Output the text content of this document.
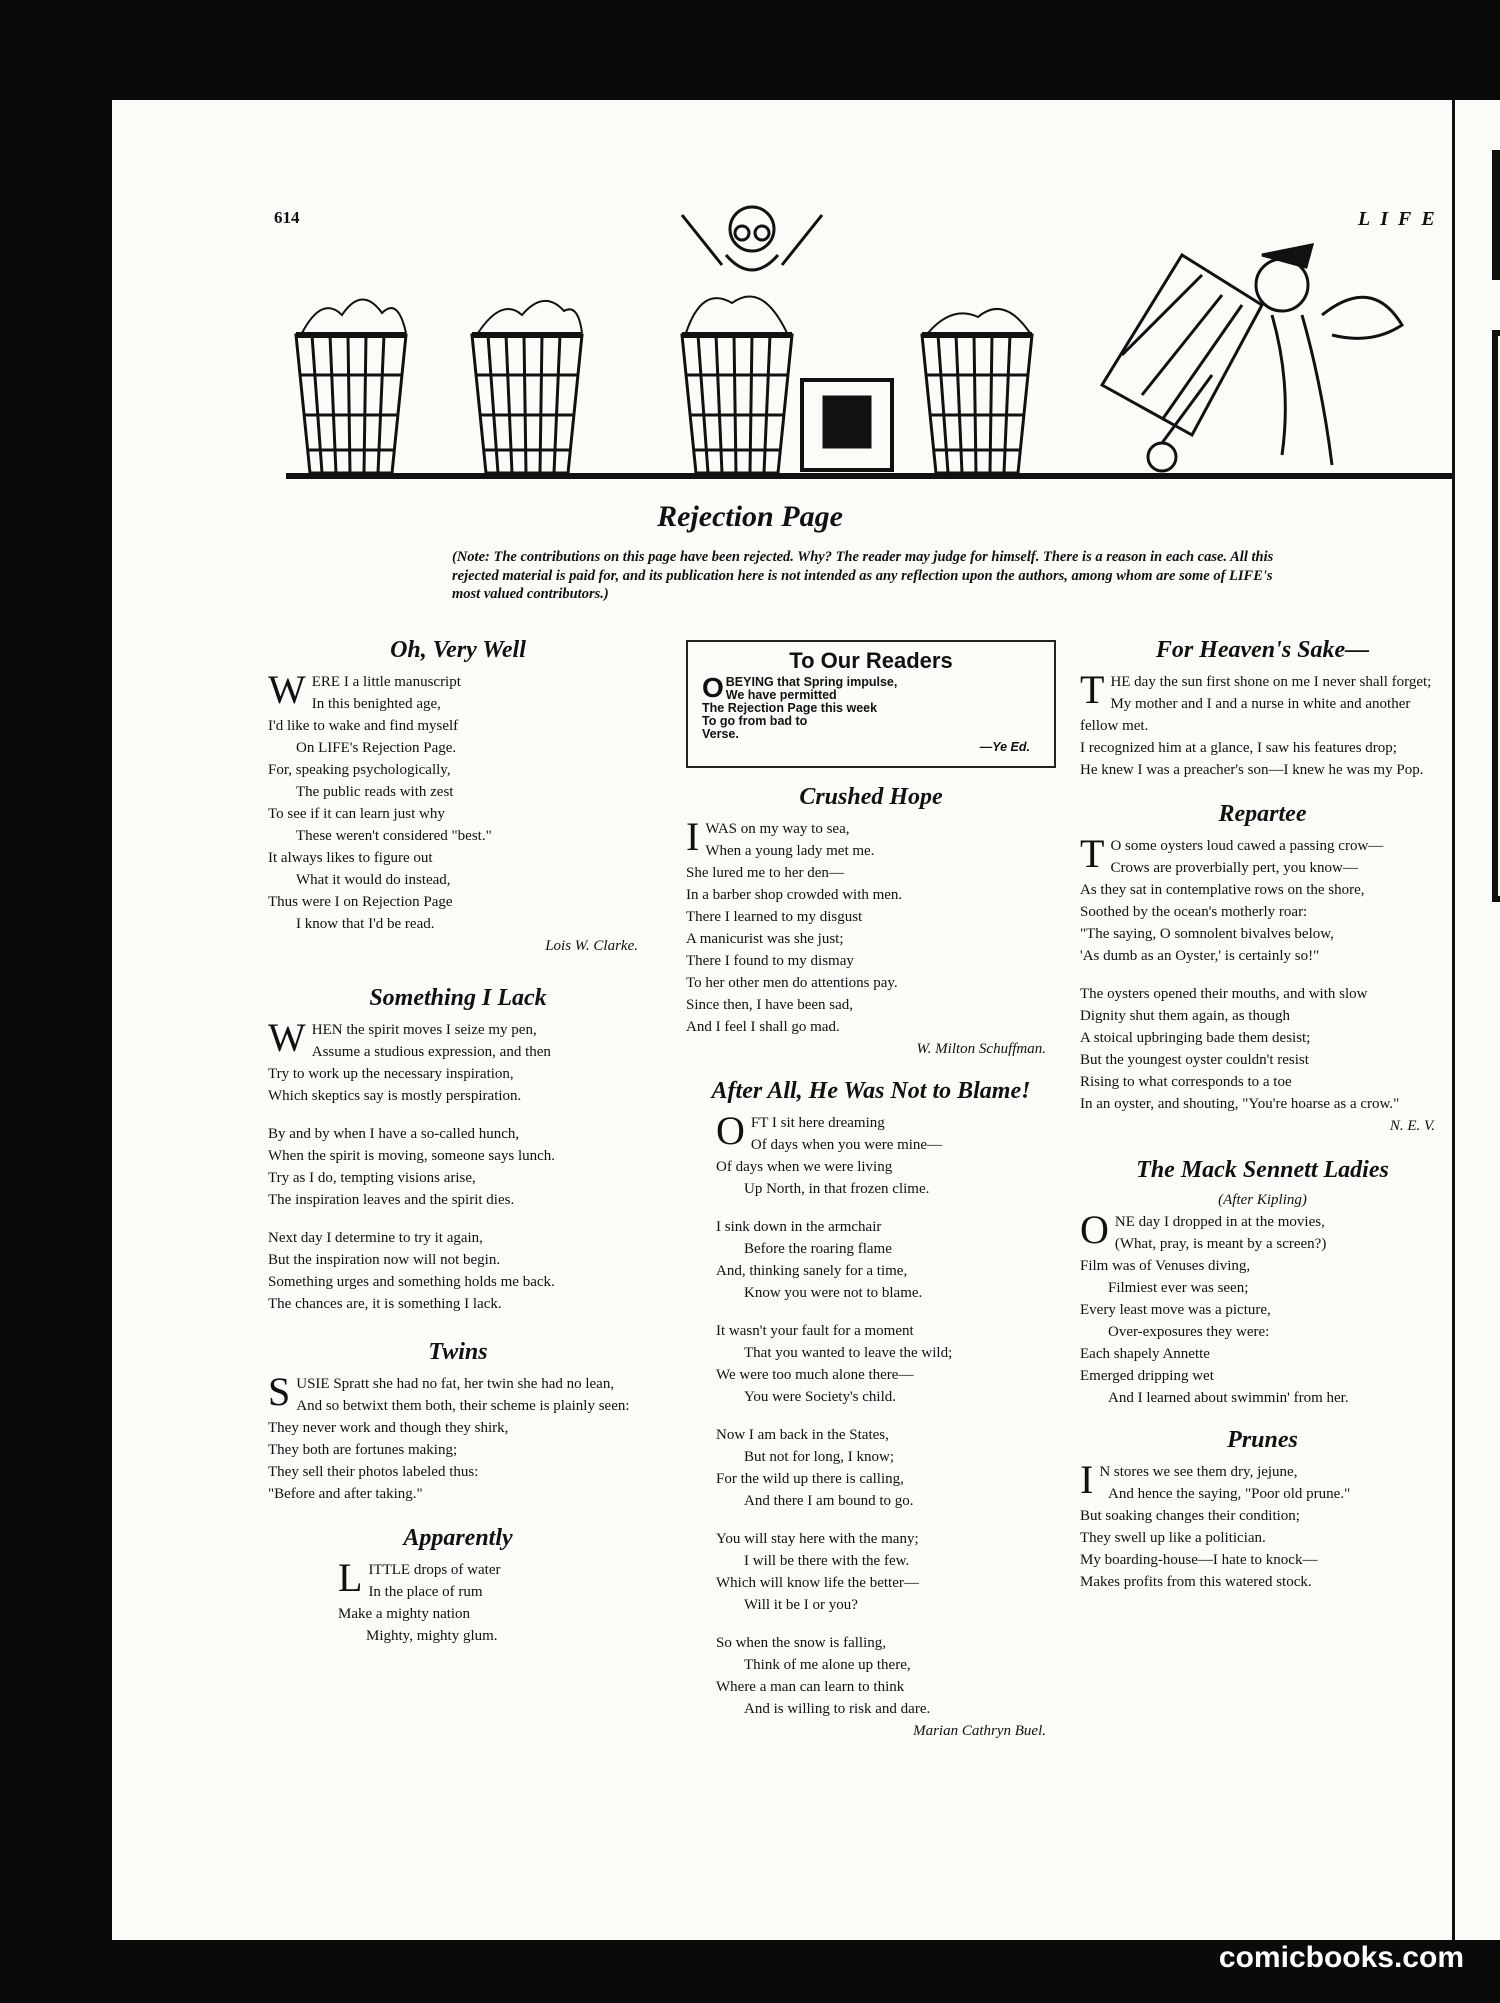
614	LIFE
Rejection Page
(Note: The contributions on this page have been rejected. Why? The reader may judge for himself. There is a reason in each case. All this rejected material is paid for, and its publication here is not intended as any reflection upon the authors, among whom are some of LIFE's most valued contributors.)
Oh, Very Well
W ERE I a little manuscript
In this benighted age,
I'd like to wake and find myself
On LIFE's Rejection Page.
For, speaking psychologically,
The public reads with zest
To see if it can learn just why
These weren't considered "best."
It always likes to figure out
What it would do instead,
Thus were I on Rejection Page
I know that I'd be read.
Lois W. Clarke.
Something I Lack
W HEN the spirit moves I seize my pen,
Assume a studious expression, and then
Try to work up the necessary inspiration,
Which skeptics say is mostly perspiration.
By and by when I have a so-called hunch,
When the spirit is moving, someone says lunch.
Try as I do, tempting visions arise,
The inspiration leaves and the spirit dies.
Next day I determine to try it again,
But the inspiration now will not begin.
Something urges and something holds me back.
The chances are, it is something I lack.
Twins
S USIE Spratt she had no fat, her twin she had no lean,
And so betwixt them both, their scheme is plainly seen:
They never work and though they shirk,
They both are fortunes making;
They sell their photos labeled thus:
"Before and after taking."
Apparently
L ITTLE drops of water
In the place of rum
Make a mighty nation
Mighty, mighty glum.
To Our Readers
O BEYING that Spring impulse,
We have permitted
The Rejection Page this week
To go from bad to
Verse.
—Ye Ed.
Crushed Hope
I WAS on my way to sea,
When a young lady met me.
She lured me to her den—
In a barber shop crowded with men.
There I learned to my disgust
A manicurist was she just;
There I found to my dismay
To her other men do attentions pay.
Since then, I have been sad,
And I feel I shall go mad.
W. Milton Schuffman.
After All, He Was Not to Blame!
O FT I sit here dreaming
Of days when you were mine—
Of days when we were living
Up North, in that frozen clime.
I sink down in the armchair
Before the roaring flame
And, thinking sanely for a time,
Know you were not to blame.
It wasn't your fault for a moment
That you wanted to leave the wild;
We were too much alone there—
You were Society's child.
Now I am back in the States,
But not for long, I know;
For the wild up there is calling,
And there I am bound to go.
You will stay here with the many;
I will be there with the few.
Which will know life the better—
Will it be I or you?
So when the snow is falling,
Think of me alone up there,
Where a man can learn to think
And is willing to risk and dare.
Marian Cathryn Buel.
For Heaven's Sake—
T HE day the sun first shone on me I never shall forget;
My mother and I and a nurse in white and another fellow met.
I recognized him at a glance, I saw his features drop;
He knew I was a preacher's son—I knew he was my Pop.
Repartee
T O some oysters loud cawed a passing crow—
Crows are proverbially pert, you know—
As they sat in contemplative rows on the shore,
Soothed by the ocean's motherly roar:
"The saying, O somnolent bivalves below,
'As dumb as an Oyster,' is certainly so!"
The oysters opened their mouths, and with slow
Dignity shut them again, as though
A stoical upbringing bade them desist;
But the youngest oyster couldn't resist
Rising to what corresponds to a toe
In an oyster, and shouting, "You're hoarse as a crow."
N. E. V.
The Mack Sennett Ladies
(After Kipling)
O NE day I dropped in at the movies,
(What, pray, is meant by a screen?)
Film was of Venuses diving,
Filmiest ever was seen;
Every least move was a picture,
Over-exposures they were:
Each shapely Annette
Emerged dripping wet
And I learned about swimmin' from her.
Prunes
I N stores we see them dry, jejune,
And hence the saying, "Poor old prune."
But soaking changes their condition;
They swell up like a politician.
My boarding-house—I hate to knock—
Makes profits from this watered stock.
comicbooks.com
